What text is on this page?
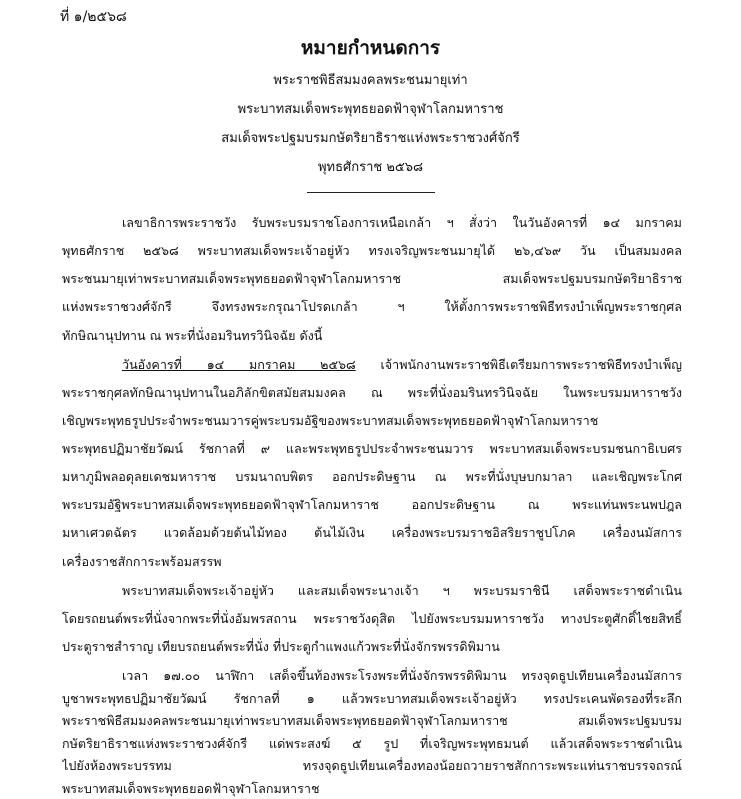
ที่ ๑/๒๕๖๘
หมายกำหนดการ
พระราชพิธีสมมงคลพระชนมายุเท่า
พระบาทสมเด็จพระพุทธยอดฟ้าจุฬาโลกมหาราช
สมเด็จพระปฐมบรมกษัตริยาธิราชแห่งพระราชวงศ์จักรี
พุทธศักราช ๒๕๖๘
เลขาธิการพระราชวัง รับพระบรมราชโองการเหนือเกล้า ฯ สั่งว่า ในวันอังคารที่ ๑๔ มกราคม
พุทธศักราช ๒๕๖๘ พระบาทสมเด็จพระเจ้าอยู่หัว ทรงเจริญพระชนมายุได้ ๒๖,๔๖๙ วัน เป็นสมมงคล
พระชนมายุเท่าพระบาทสมเด็จพระพุทธยอดฟ้าจุฬาโลกมหาราช สมเด็จพระปฐมบรมกษัตริยาธิราช
แห่งพระราชวงศ์จักรี จึงทรงพระกรุณาโปรดเกล้า ฯ ให้ตั้งการพระราชพิธีทรงบำเพ็ญพระราชกุศล
ทักษิณานุปทาน ณ พระที่นั่งอมรินทรวินิจฉัย ดังนี้
วันอังคารที่ ๑๔ มกราคม ๒๕๖๘ เจ้าพนักงานพระราชพิธีเตรียมการพระราชพิธีทรงบำเพ็ญ
พระราชกุศลทักษิณานุปทานในอภิลักขิตสมัยสมมงคล ณ พระที่นั่งอมรินทรวินิจฉัย ในพระบรมมหาราชวัง
เชิญพระพุทธรูปประจำพระชนมวารคู่พระบรมอัฐิของพระบาทสมเด็จพระพุทธยอดฟ้าจุฬาโลกมหาราช
พระพุทธปฏิมาชัยวัฒน์ รัชกาลที่ ๙ และพระพุทธรูปประจำพระชนมวาร พระบาทสมเด็จพระบรมชนกาธิเบศร
มหาภูมิพลอดุลยเดชมหาราช บรมนาถบพิตร ออกประดิษฐาน ณ พระที่นั่งบุษบกมาลา และเชิญพระโกศ
พระบรมอัฐิพระบาทสมเด็จพระพุทธยอดฟ้าจุฬาโลกมหาราช ออกประดิษฐาน ณ พระแท่นพระนพปฎล
มหาเศวตฉัตร แวดล้อมด้วยต้นไม้ทอง ต้นไม้เงิน เครื่องพระบรมราชอิสริยราชูปโภค เครื่องนมัสการ
เครื่องราชสักการะพร้อมสรรพ
พระบาทสมเด็จพระเจ้าอยู่หัว และสมเด็จพระนางเจ้า ฯ พระบรมราชินี เสด็จพระราชดำเนิน
โดยรถยนต์พระที่นั่งจากพระที่นั่งอัมพรสถาน พระราชวังดุสิต ไปยังพระบรมมหาราชวัง ทางประตูศักดิ์ไชยสิทธิ์
ประตูราชสำราญ เทียบรถยนต์พระที่นั่ง ที่ประตูกำแพงแก้วพระที่นั่งจักรพรรดิพิมาน
เวลา ๑๗.๐๐ นาฬิกา เสด็จขึ้นท้องพระโรงพระที่นั่งจักรพรรดิพิมาน ทรงจุดธูปเทียนเครื่องนมัสการ
บูชาพระพุทธปฏิมาชัยวัฒน์ รัชกาลที่ ๑ แล้วพระบาทสมเด็จพระเจ้าอยู่หัว ทรงประเคนพัดรองที่ระลึก
พระราชพิธีสมมงคลพระชนมายุเท่าพระบาทสมเด็จพระพุทธยอดฟ้าจุฬาโลกมหาราช สมเด็จพระปฐมบรม
กษัตริยาธิราชแห่งพระราชวงศ์จักรี แด่พระสงฆ์ ๕ รูป ที่เจริญพระพุทธมนต์ แล้วเสด็จพระราชดำเนิน
ไปยังห้องพระบรรทม ทรงจุดธูปเทียนเครื่องทองน้อยถวายราชสักการะพระแท่นราชบรรจถรณ์
พระบาทสมเด็จพระพุทธยอดฟ้าจุฬาโลกมหาราช
